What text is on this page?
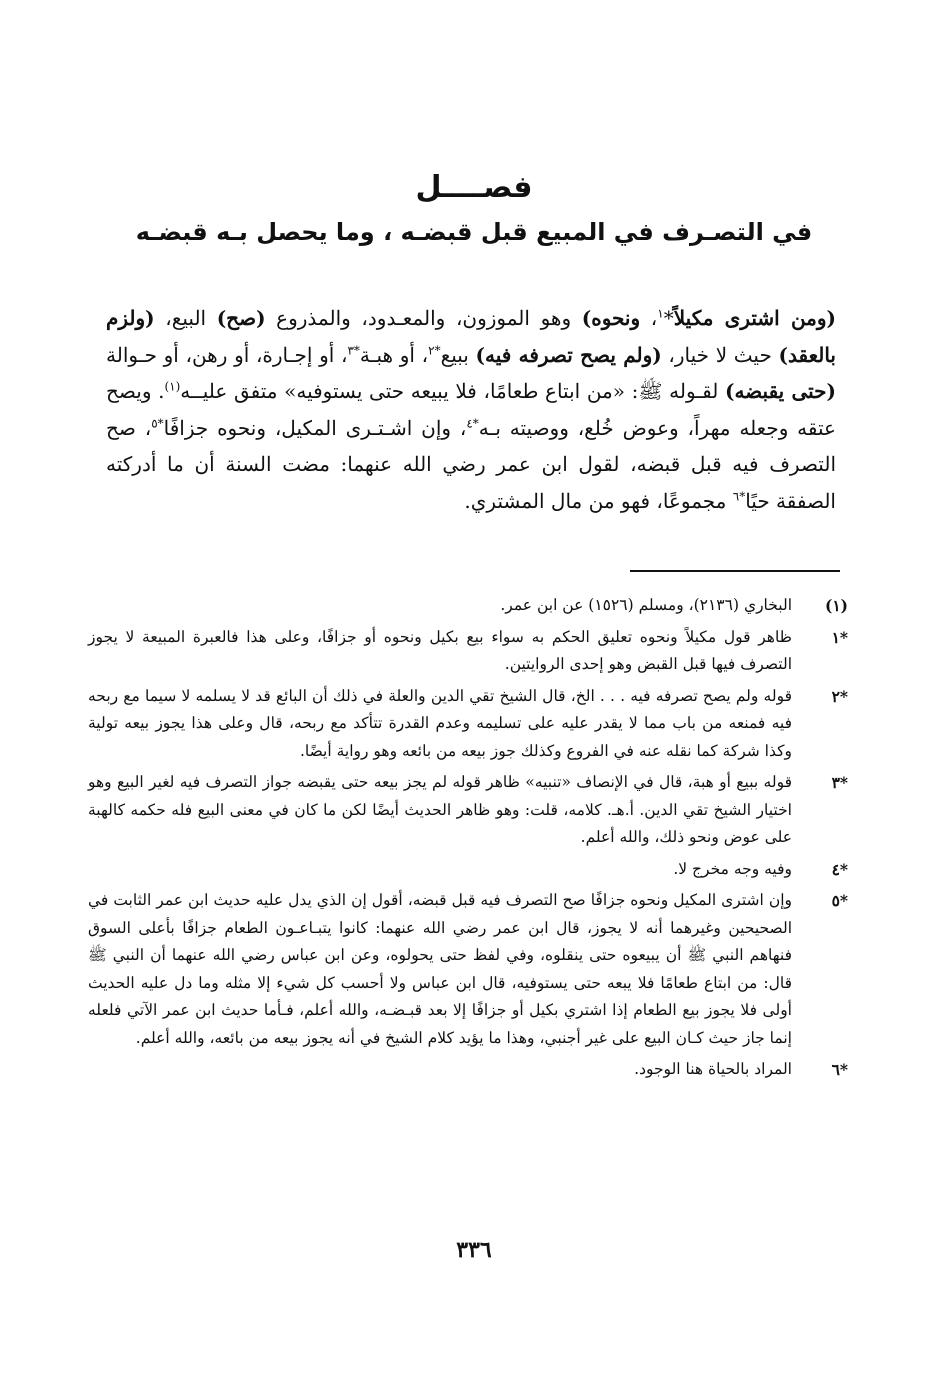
فصــــل
في التصـرف في المبيع قبل قبضـه ، وما يحصل بـه قبضـه

(ومن اشترى مكيلاً*$^١$، ونحوه) وهو الموزون، والمعـدود، والمذروع (صح) البيع، (ولزم بالعقد) حيث لا خيار، (ولم يصح تصرفه فيه) ببيع$^{*٢}$، أو هبـة$^{*٣}$، أو إجـارة، أو رهن، أو حـوالة (حتى يقبضه) لقـوله ﷺ: «من ابتاع طعامًا، فلا يبيعه حتى يستوفيه» متفق عليــه$^{(١)}$. ويصح عتقه وجعله مهراً، وعوض خُلع، ووصيته بـه$^{*٤}$، وإن اشـتـرى المكيل، ونحوه جزافًا$^{*٥}$، صح التصرف فيه قبل قبضه، لقول ابن عمر رضي الله عنهما: مضت السنة أن ما أدركته الصفقة حيًا$^{*٦}$ مجموعًا، فهو من مال المشتري.

(١)
البخاري (٢١٣٦)، ومسلم (١٥٢٦) عن ابن عمر.
*١
ظاهر قول مكيلاً ونحوه تعليق الحكم به سواء بيع بكيل ونحوه أو جزافًا، وعلى هذا فالعبرة المبيعة لا يجوز التصرف فيها قبل القبض وهو إحدى الروايتين.
*٢
قوله ولم يصح تصرفه فيه . . . الخ، قال الشيخ تقي الدين والعلة في ذلك أن البائع قد لا يسلمه لا سيما مع ربحه فيه فمنعه من باب مما لا يقدر عليه على تسليمه وعدم القدرة تتأكد مع ربحه، قال وعلى هذا يجوز بيعه تولية وكذا شركة كما نقله عنه في الفروع وكذلك جوز بيعه من بائعه وهو رواية أيضًا.
*٣
قوله ببيع أو هبة، قال في الإنصاف «تنبيه» ظاهر قوله لم يجز بيعه حتى يقبضه جواز التصرف فيه لغير البيع وهو اختيار الشيخ تقي الدين. أ.هـ. كلامه، قلت: وهو ظاهر الحديث أيضًا لكن ما كان في معنى البيع فله حكمه كالهبة على عوض ونحو ذلك، والله أعلم.
*٤
وفيه وجه مخرج لا.
*٥
وإن اشترى المكيل ونحوه جزافًا صح التصرف فيه قبل قبضه، أقول إن الذي يدل عليه حديث ابن عمر الثابت في الصحيحين وغيرهما أنه لا يجوز، قال ابن عمر رضي الله عنهما: كانوا يتبـاعـون الطعام جزافًا بأعلى السوق فنهاهم النبي ﷺ أن يبيعوه حتى ينقلوه، وفي لفظ حتى يحولوه، وعن ابن عباس رضي الله عنهما أن النبي ﷺ قال: من ابتاع طعامًا فلا يبعه حتى يستوفيه، قال ابن عباس ولا أحسب كل شيء إلا مثله وما دل عليه الحديث أولى فلا يجوز بيع الطعام إذا اشتري بكيل أو جزافًا إلا بعد قبـضـه، والله أعلم، فـأما حديث ابن عمر الآتي فلعله إنما جاز حيث كـان البيع على غير أجنبي، وهذا ما يؤيد كلام الشيخ في أنه يجوز بيعه من بائعه، والله أعلم.
*٦
المراد بالحياة هنا الوجود.
٣٣٦
